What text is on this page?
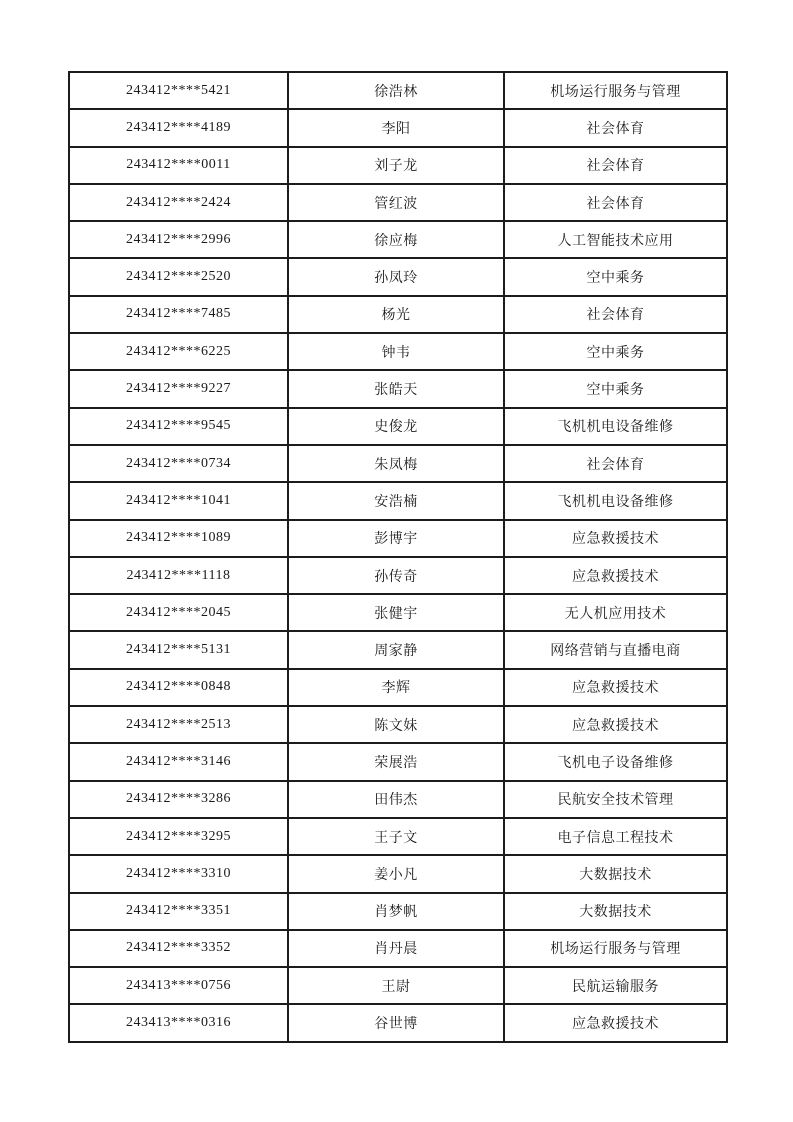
243412****5421	徐浩林	机场运行服务与管理
243412****4189	李阳	社会体育
243412****0011	刘子龙	社会体育
243412****2424	管红波	社会体育
243412****2996	徐应梅	人工智能技术应用
243412****2520	孙凤玲	空中乘务
243412****7485	杨光	社会体育
243412****6225	钟韦	空中乘务
243412****9227	张皓天	空中乘务
243412****9545	史俊龙	飞机机电设备维修
243412****0734	朱凤梅	社会体育
243412****1041	安浩楠	飞机机电设备维修
243412****1089	彭博宇	应急救援技术
243412****1118	孙传奇	应急救援技术
243412****2045	张健宇	无人机应用技术
243412****5131	周家静	网络营销与直播电商
243412****0848	李辉	应急救援技术
243412****2513	陈文妹	应急救援技术
243412****3146	荣展浩	飞机电子设备维修
243412****3286	田伟杰	民航安全技术管理
243412****3295	王子文	电子信息工程技术
243412****3310	姜小凡	大数据技术
243412****3351	肖梦帆	大数据技术
243412****3352	肖丹晨	机场运行服务与管理
243413****0756	王尉	民航运输服务
243413****0316	谷世博	应急救援技术
